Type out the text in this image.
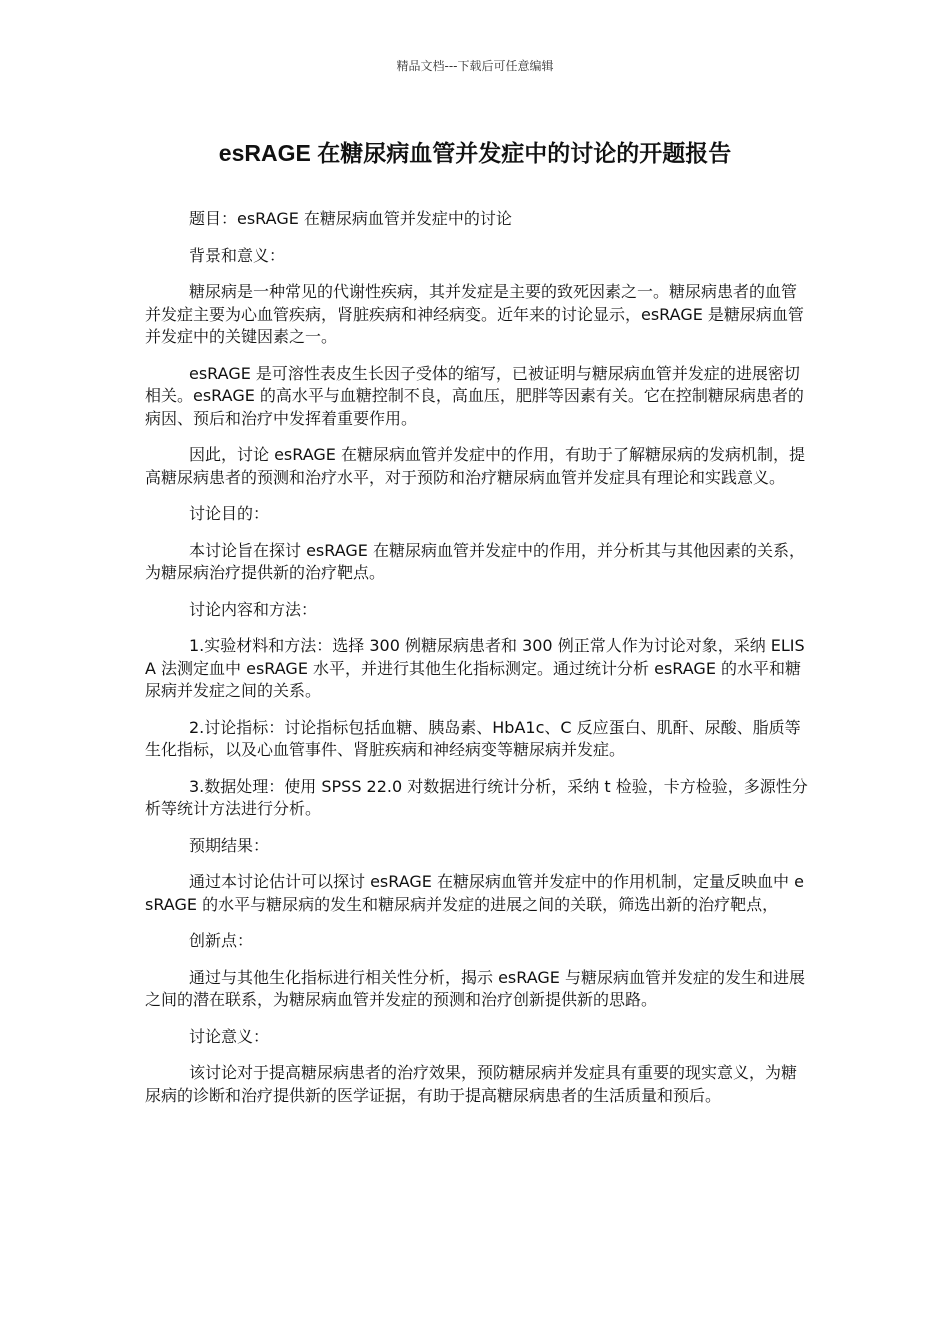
精品文档---下载后可任意编辑
esRAGE 在糖尿病血管并发症中的讨论的开题报告

题目：esRAGE 在糖尿病血管并发症中的讨论

背景和意义：

糖尿病是一种常见的代谢性疾病，其并发症是主要的致死因素之一。糖尿病患者的血管并发症主要为心血管疾病，肾脏疾病和神经病变。近年来的讨论显示，esRAGE 是糖尿病血管并发症中的关键因素之一。

esRAGE 是可溶性表皮生长因子受体的缩写，已被证明与糖尿病血管并发症的进展密切相关。esRAGE 的高水平与血糖控制不良，高血压，肥胖等因素有关。它在控制糖尿病患者的病因、预后和治疗中发挥着重要作用。

因此，讨论 esRAGE 在糖尿病血管并发症中的作用，有助于了解糖尿病的发病机制，提高糖尿病患者的预测和治疗水平，对于预防和治疗糖尿病血管并发症具有理论和实践意义。

讨论目的：

本讨论旨在探讨 esRAGE 在糖尿病血管并发症中的作用，并分析其与其他因素的关系，为糖尿病治疗提供新的治疗靶点。

讨论内容和方法：

1.实验材料和方法：选择 300 例糖尿病患者和 300 例正常人作为讨论对象，采纳 ELISA 法测定血中 esRAGE 水平，并进行其他生化指标测定。通过统计分析 esRAGE 的水平和糖尿病并发症之间的关系。

2.讨论指标：讨论指标包括血糖、胰岛素、HbA1c、C 反应蛋白、肌酐、尿酸、脂质等生化指标，以及心血管事件、肾脏疾病和神经病变等糖尿病并发症。

3.数据处理：使用 SPSS 22.0 对数据进行统计分析，采纳 t 检验，卡方检验，多源性分析等统计方法进行分析。

预期结果：

通过本讨论估计可以探讨 esRAGE 在糖尿病血管并发症中的作用机制，定量反映血中 esRAGE 的水平与糖尿病的发生和糖尿病并发症的进展之间的关联，筛选出新的治疗靶点，

创新点：

通过与其他生化指标进行相关性分析，揭示 esRAGE 与糖尿病血管并发症的发生和进展之间的潜在联系，为糖尿病血管并发症的预测和治疗创新提供新的思路。

讨论意义：

该讨论对于提高糖尿病患者的治疗效果，预防糖尿病并发症具有重要的现实意义，为糖尿病的诊断和治疗提供新的医学证据，有助于提高糖尿病患者的生活质量和预后。
